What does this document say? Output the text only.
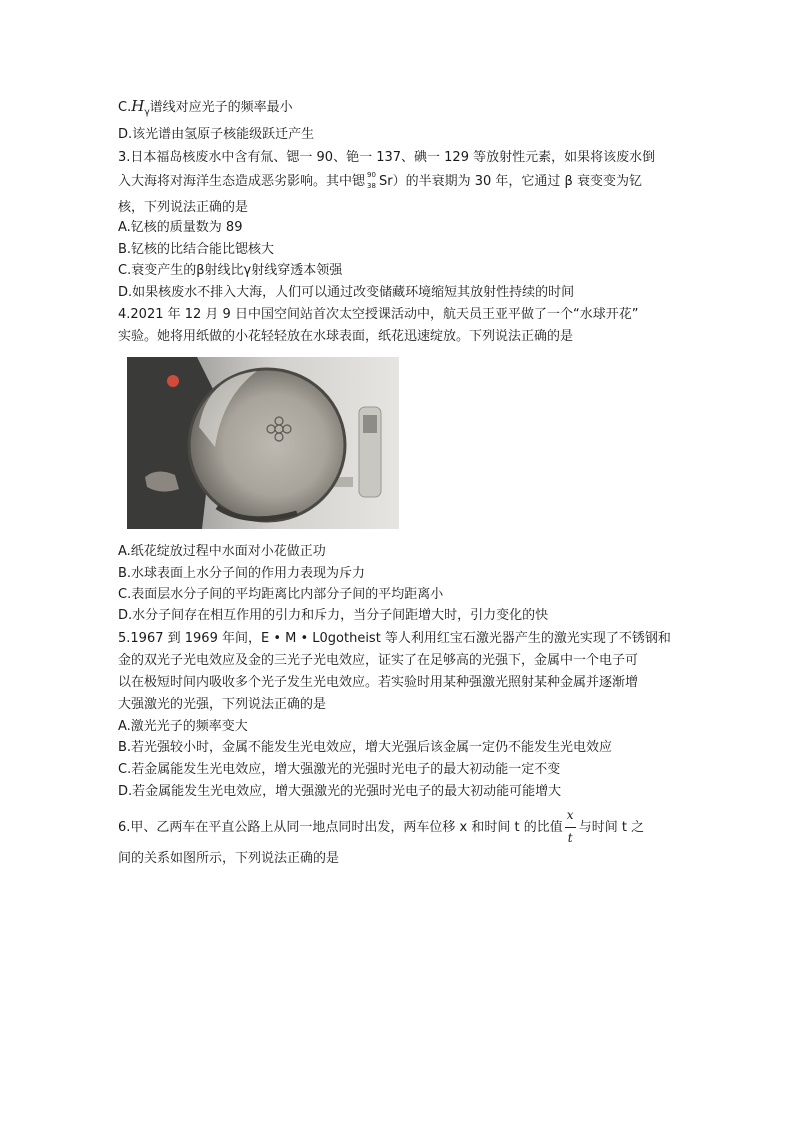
$C.H_\gamma$谱线对应光子的频率最小
D.该光谱由氢原子核能级跃迁产生
3.日本福岛核废水中含有氚、锶一 90、铯一 137、碘一 129 等放射性元素，如果将该废水倒
入大海将对海洋生态造成恶劣影响。其中锶 90
38 Sr）的半衰期为 30 年，它通过 β 衰变变为钇
核，下列说法正确的是
A.钇核的质量数为 89
B.钇核的比结合能比锶核大
C.衰变产生的β射线比γ射线穿透本领强
D.如果核废水不排入大海，人们可以通过改变储藏环境缩短其放射性持续的时间
4.2021 年 12 月 9 日中国空间站首次太空授课活动中，航天员王亚平做了一个“水球开花”
实验。她将用纸做的小花轻轻放在水球表面，纸花迅速绽放。下列说法正确的是
A.纸花绽放过程中水面对小花做正功
B.水球表面上水分子间的作用力表现为斥力
C.表面层水分子间的平均距离比内部分子间的平均距离小
D.水分子间存在相互作用的引力和斥力，当分子间距增大时，引力变化的快
5.1967 到 1969 年间，E • M • L0gotheist 等人利用红宝石激光器产生的激光实现了不锈钢和
金的双光子光电效应及金的三光子光电效应，证实了在足够高的光强下，金属中一个电子可
以在极短时间内吸收多个光子发生光电效应。若实验时用某种强激光照射某种金属并逐渐增
大强激光的光强，下列说法正确的是
A.激光光子的频率变大
B.若光强较小时，金属不能发生光电效应，增大光强后该金属一定仍不能发生光电效应
C.若金属能发生光电效应，增大强激光的光强时光电子的最大初动能一定不变
D.若金属能发生光电效应，增大强激光的光强时光电子的最大初动能可能增大
6.甲、乙两车在平直公路上从同一地点同时出发，两车位移 x 和时间 t 的比值 $\frac{x}{t}$ 与时间 t 之
间的关系如图所示，下列说法正确的是
